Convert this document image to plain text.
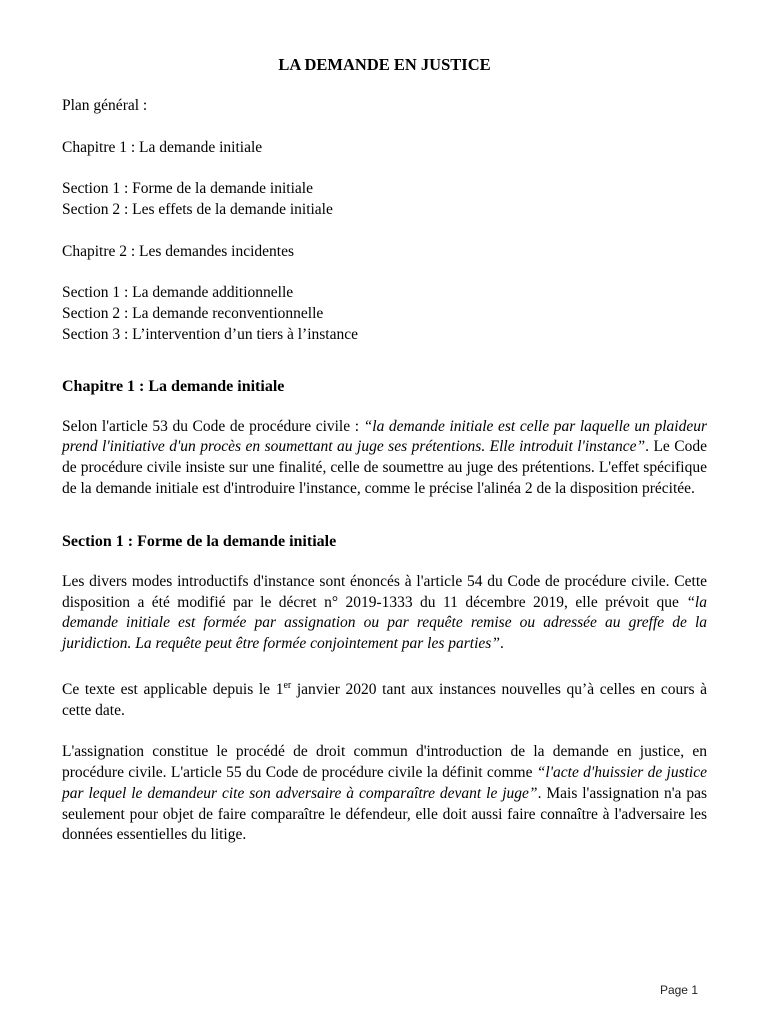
LA DEMANDE EN JUSTICE

Plan général :

Chapitre 1 : La demande initiale

Section 1 : Forme de la demande initiale

Section 2 : Les effets de la demande initiale

Chapitre 2 : Les demandes incidentes

Section 1 : La demande additionnelle

Section 2 : La demande reconventionnelle

Section 3 : L’intervention d’un tiers à l’instance

Chapitre 1 : La demande initiale

Selon l'article 53 du Code de procédure civile : “la demande initiale est celle par laquelle un plaideur prend l'initiative d'un procès en soumettant au juge ses prétentions. Elle introduit l'instance”. Le Code de procédure civile insiste sur une finalité, celle de soumettre au juge des prétentions. L'effet spécifique de la demande initiale est d'introduire l'instance, comme le précise l'alinéa 2 de la disposition précitée.

Section 1 : Forme de la demande initiale

Les divers modes introductifs d'instance sont énoncés à l'article 54 du Code de procédure civile. Cette disposition a été modifié par le décret n° 2019-1333 du 11 décembre 2019, elle prévoit que “la demande initiale est formée par assignation ou par requête remise ou adressée au greffe de la juridiction. La requête peut être formée conjointement par les parties”.

Ce texte est applicable depuis le 1er janvier 2020 tant aux instances nouvelles qu’à celles en cours à cette date.

L'assignation constitue le procédé de droit commun d'introduction de la demande en justice, en procédure civile. L'article 55 du Code de procédure civile la définit comme “l'acte d'huissier de justice par lequel le demandeur cite son adversaire à comparaître devant le juge”. Mais l'assignation n'a pas seulement pour objet de faire comparaître le défendeur, elle doit aussi faire connaître à l'adversaire les données essentielles du litige.

Page 1
